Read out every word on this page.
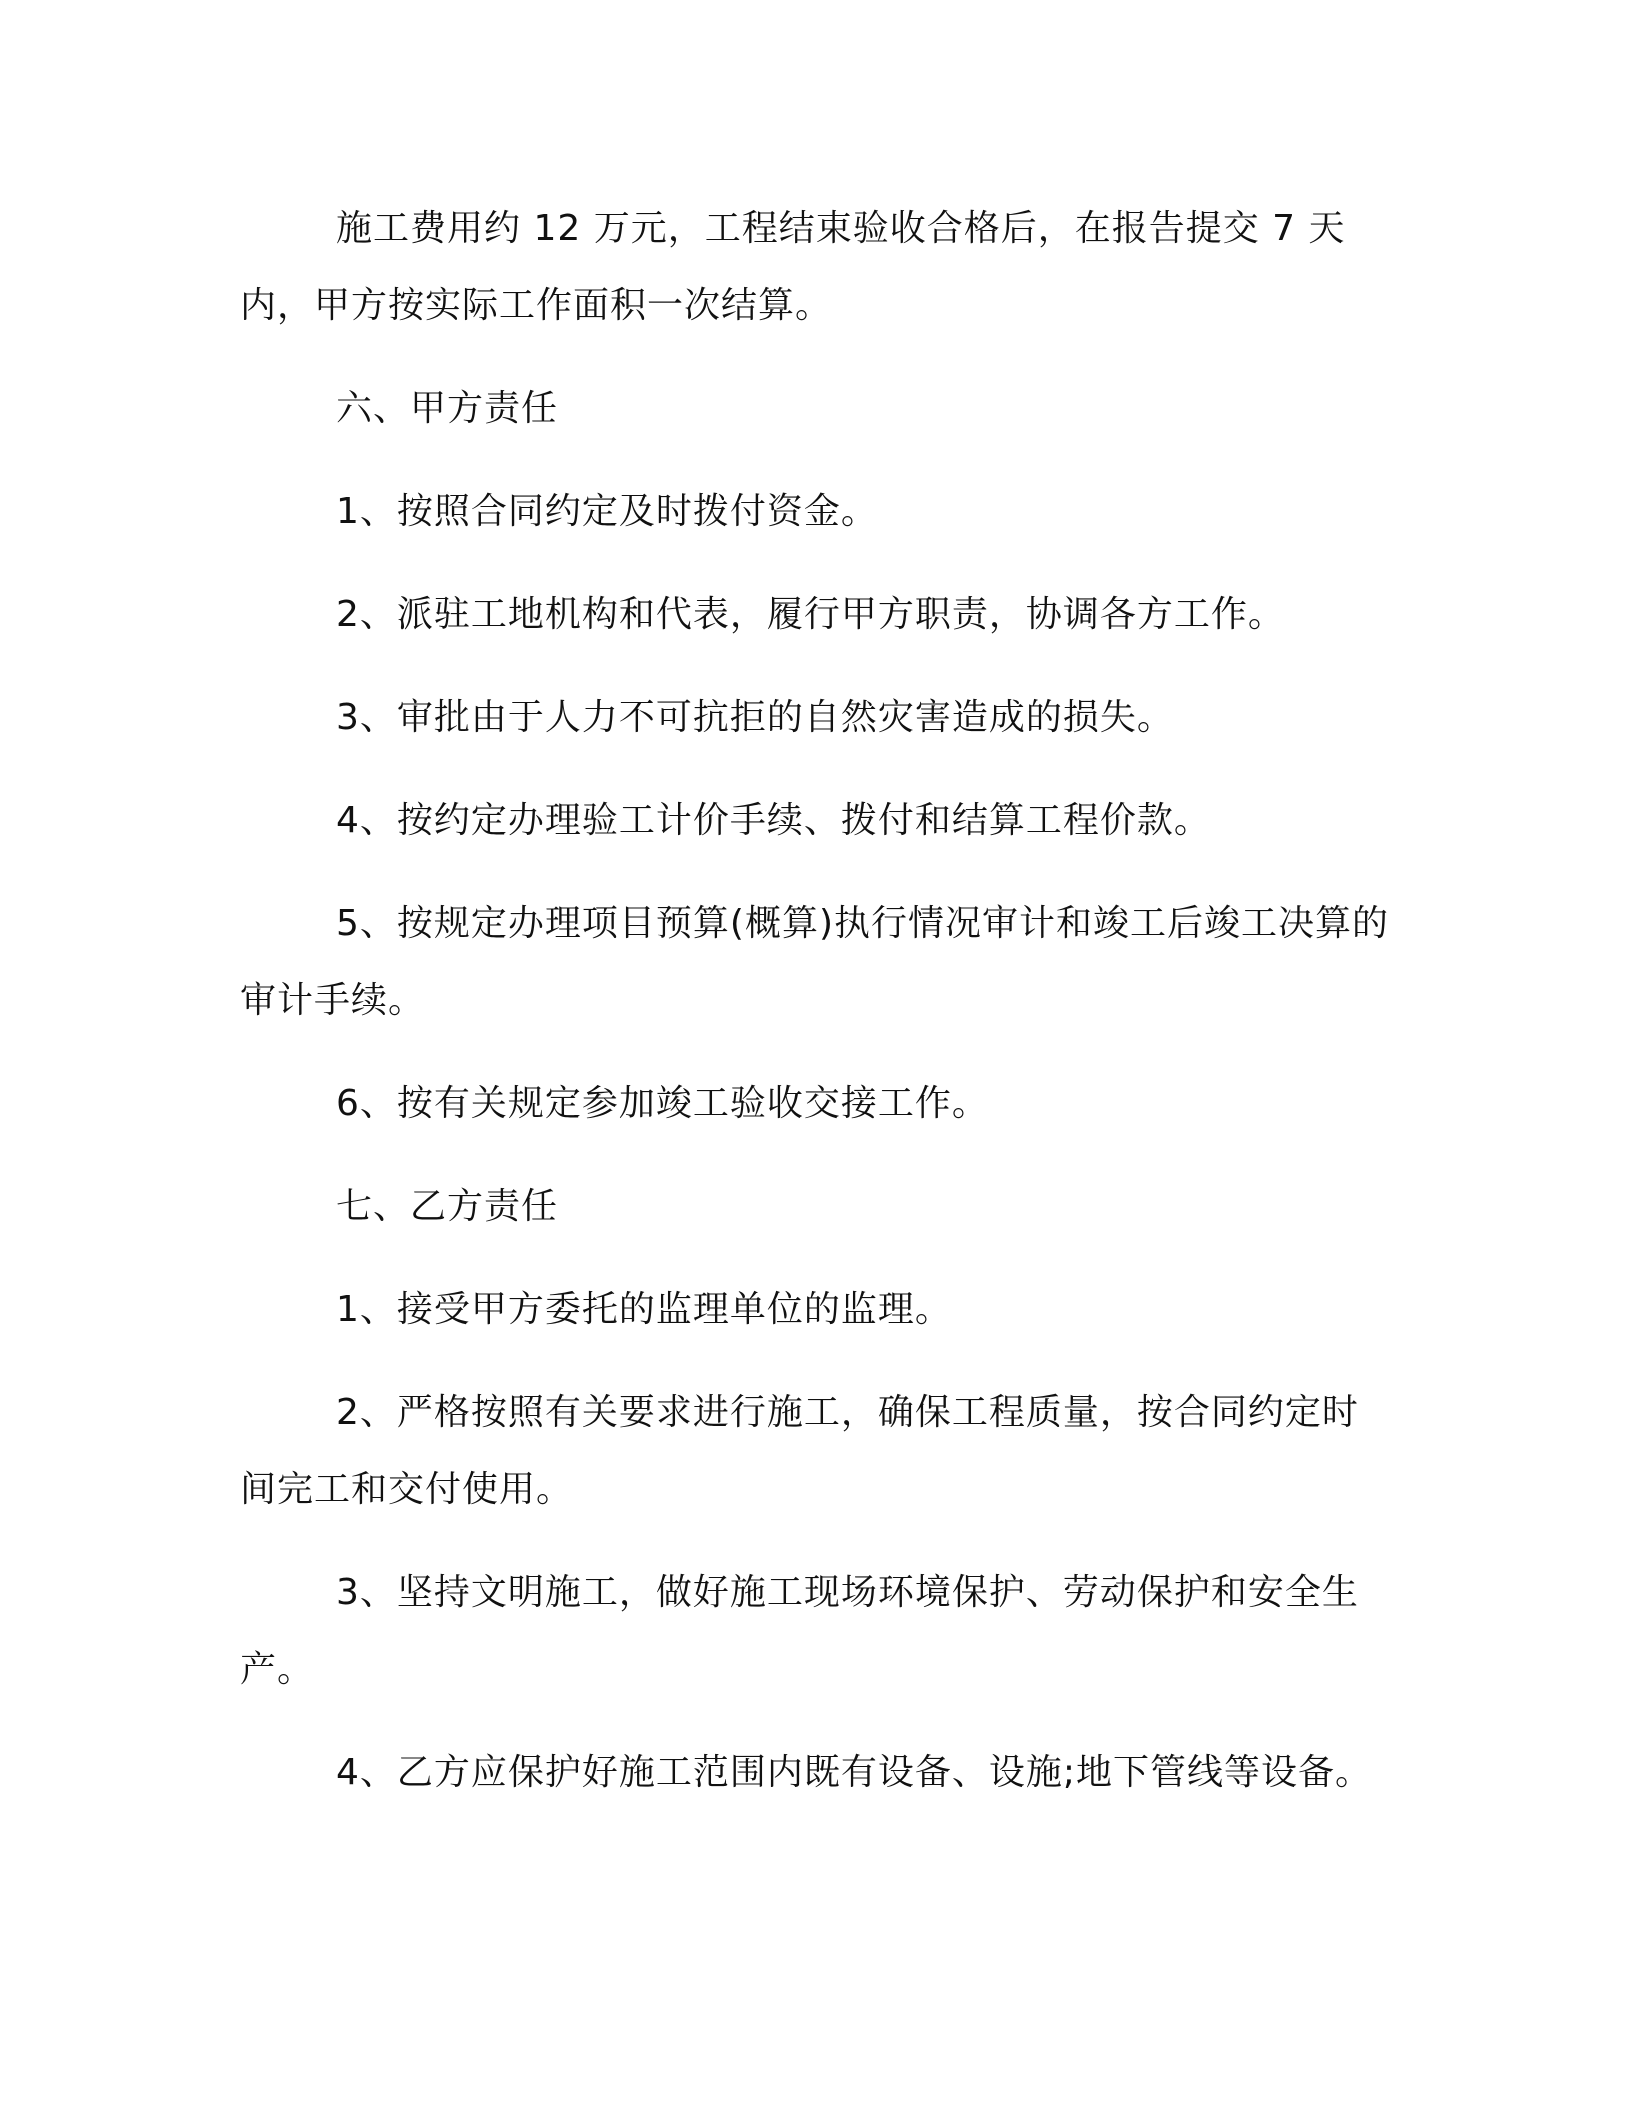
施工费用约 12 万元，工程结束验收合格后，在报告提交 7 天内，甲方按实际工作面积一次结算。

六、甲方责任

1、按照合同约定及时拨付资金。

2、派驻工地机构和代表，履行甲方职责，协调各方工作。

3、审批由于人力不可抗拒的自然灾害造成的损失。

4、按约定办理验工计价手续、拨付和结算工程价款。

5、按规定办理项目预算(概算)执行情况审计和竣工后竣工决算的审计手续。

6、按有关规定参加竣工验收交接工作。

七、乙方责任

1、接受甲方委托的监理单位的监理。

2、严格按照有关要求进行施工，确保工程质量，按合同约定时间完工和交付使用。

3、坚持文明施工，做好施工现场环境保护、劳动保护和安全生产。

4、乙方应保护好施工范围内既有设备、设施;地下管线等设备。
